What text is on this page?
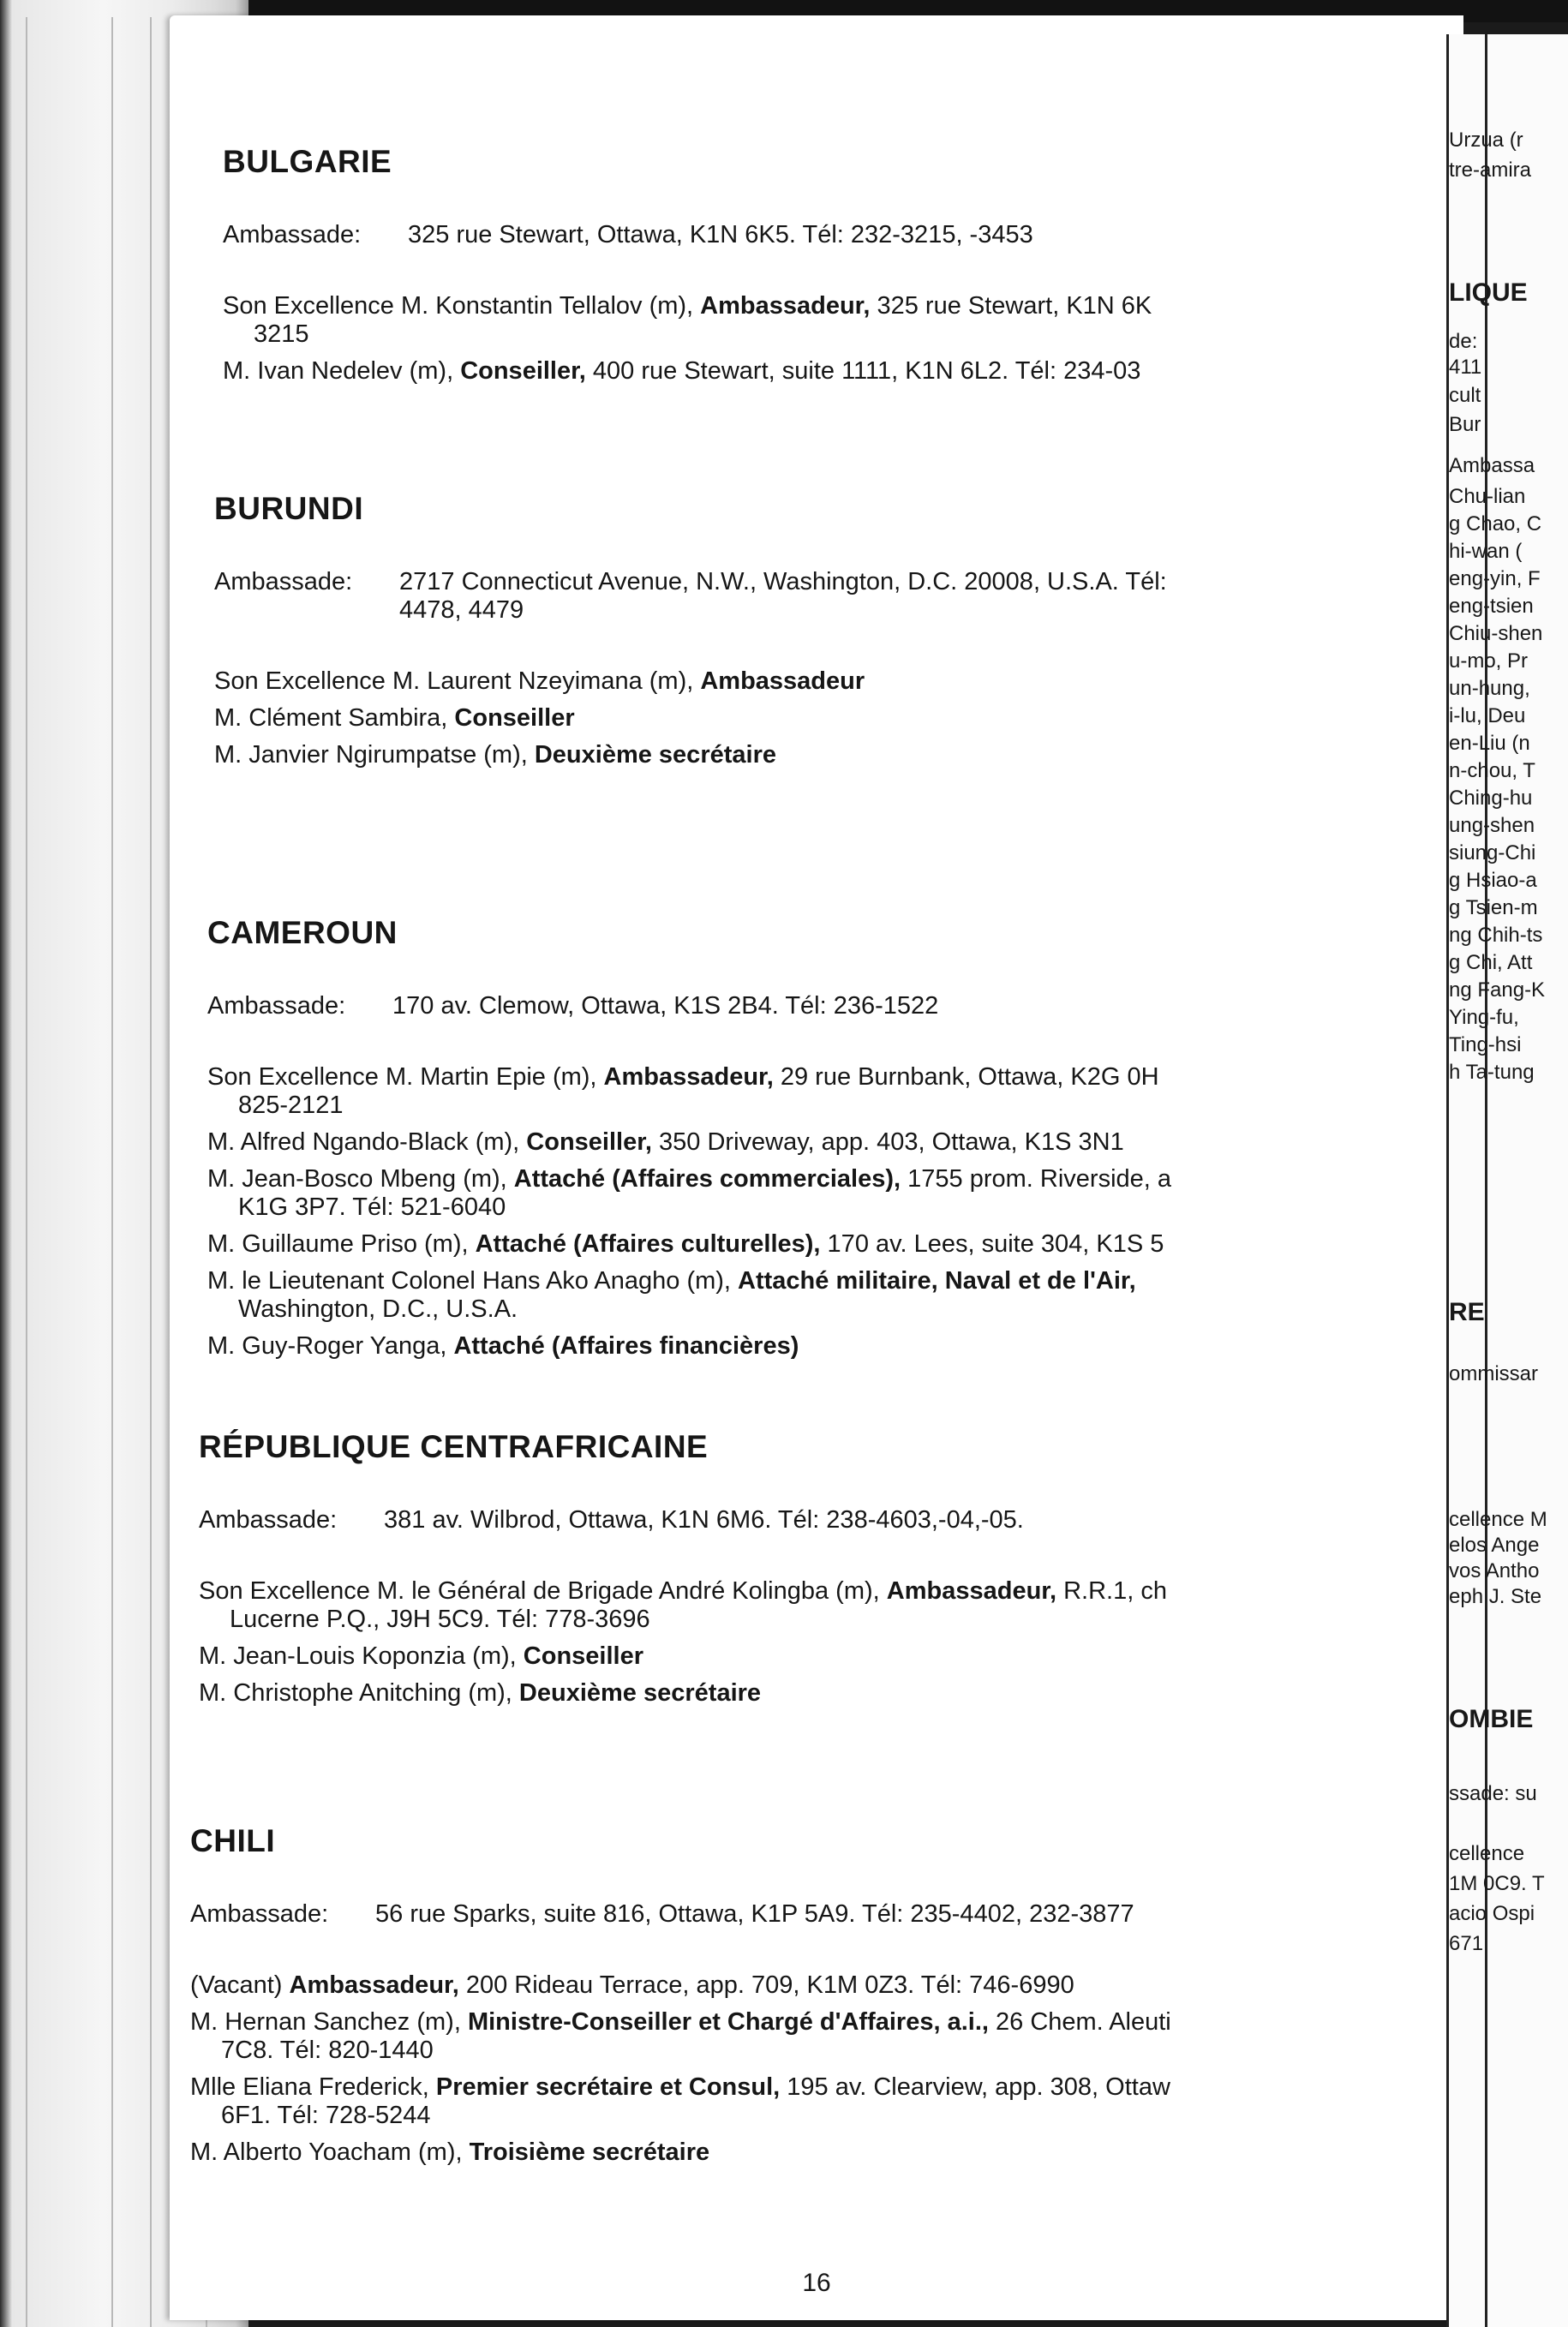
16
BULGARIE
Ambassade: 325 rue Stewart, Ottawa, K1N 6K5. Tél: 232-3215, -3453
Son Excellence M. Konstantin Tellalov (m), Ambassadeur, 325 rue Stewart, K1N 6K
3215
M. Ivan Nedelev (m), Conseiller, 400 rue Stewart, suite 1111, K1N 6L2. Tél: 234-03
BURUNDI
Ambassade: 2717 Connecticut Avenue, N.W., Washington, D.C. 20008, U.S.A. Tél:
4478, 4479
Son Excellence M. Laurent Nzeyimana (m), Ambassadeur
M. Clément Sambira, Conseiller
M. Janvier Ngirumpatse (m), Deuxième secrétaire
CAMEROUN
Ambassade: 170 av. Clemow, Ottawa, K1S 2B4. Tél: 236-1522
Son Excellence M. Martin Epie (m), Ambassadeur, 29 rue Burnbank, Ottawa, K2G 0H
825-2121
M. Alfred Ngando-Black (m), Conseiller, 350 Driveway, app. 403, Ottawa, K1S 3N1
M. Jean-Bosco Mbeng (m), Attaché (Affaires commerciales), 1755 prom. Riverside, a
K1G 3P7. Tél: 521-6040
M. Guillaume Priso (m), Attaché (Affaires culturelles), 170 av. Lees, suite 304, K1S 5
M. le Lieutenant Colonel Hans Ako Anagho (m), Attaché militaire, Naval et de l'Air,
Washington, D.C., U.S.A.
M. Guy-Roger Yanga, Attaché (Affaires financières)
RÉPUBLIQUE CENTRAFRICAINE
Ambassade: 381 av. Wilbrod, Ottawa, K1N 6M6. Tél: 238-4603,-04,-05.
Son Excellence M. le Général de Brigade André Kolingba (m), Ambassadeur, R.R.1, ch
Lucerne P.Q., J9H 5C9. Tél: 778-3696
M. Jean-Louis Koponzia (m), Conseiller
M. Christophe Anitching (m), Deuxième secrétaire
CHILI
Ambassade: 56 rue Sparks, suite 816, Ottawa, K1P 5A9. Tél: 235-4402, 232-3877
(Vacant) Ambassadeur, 200 Rideau Terrace, app. 709, K1M 0Z3. Tél: 746-6990
M. Hernan Sanchez (m), Ministre-Conseiller et Chargé d'Affaires, a.i., 26 Chem. Aleuti
7C8. Tél: 820-1440
Mlle Eliana Frederick, Premier secrétaire et Consul, 195 av. Clearview, app. 308, Ottaw
6F1. Tél: 728-5244
M. Alberto Yoacham (m), Troisième secrétaire
Urzua (r
tre-amira
LIQUE
de:
411
cult
Bur
Ambassa
Chu-lian
g Chao, C
hi-wan (
eng-yin, F
eng-tsien
Chiu-shen
u-mo, Pr
un-hung,
i-lu, Deu
en-Liu (n
n-chou, T
Ching-hu
ung-shen
siung-Chi
g Hsiao-a
g Tsien-m
ng Chih-ts
g Chi, Att
ng Fang-K
Ying-fu,
Ting-hsi
h Ta-tung
RE
ommissar
cellence M
elos Ange
vos Antho
eph J. Ste
OMBIE
ssade: su
cellence
1M 0C9. T
acio Ospi
671
